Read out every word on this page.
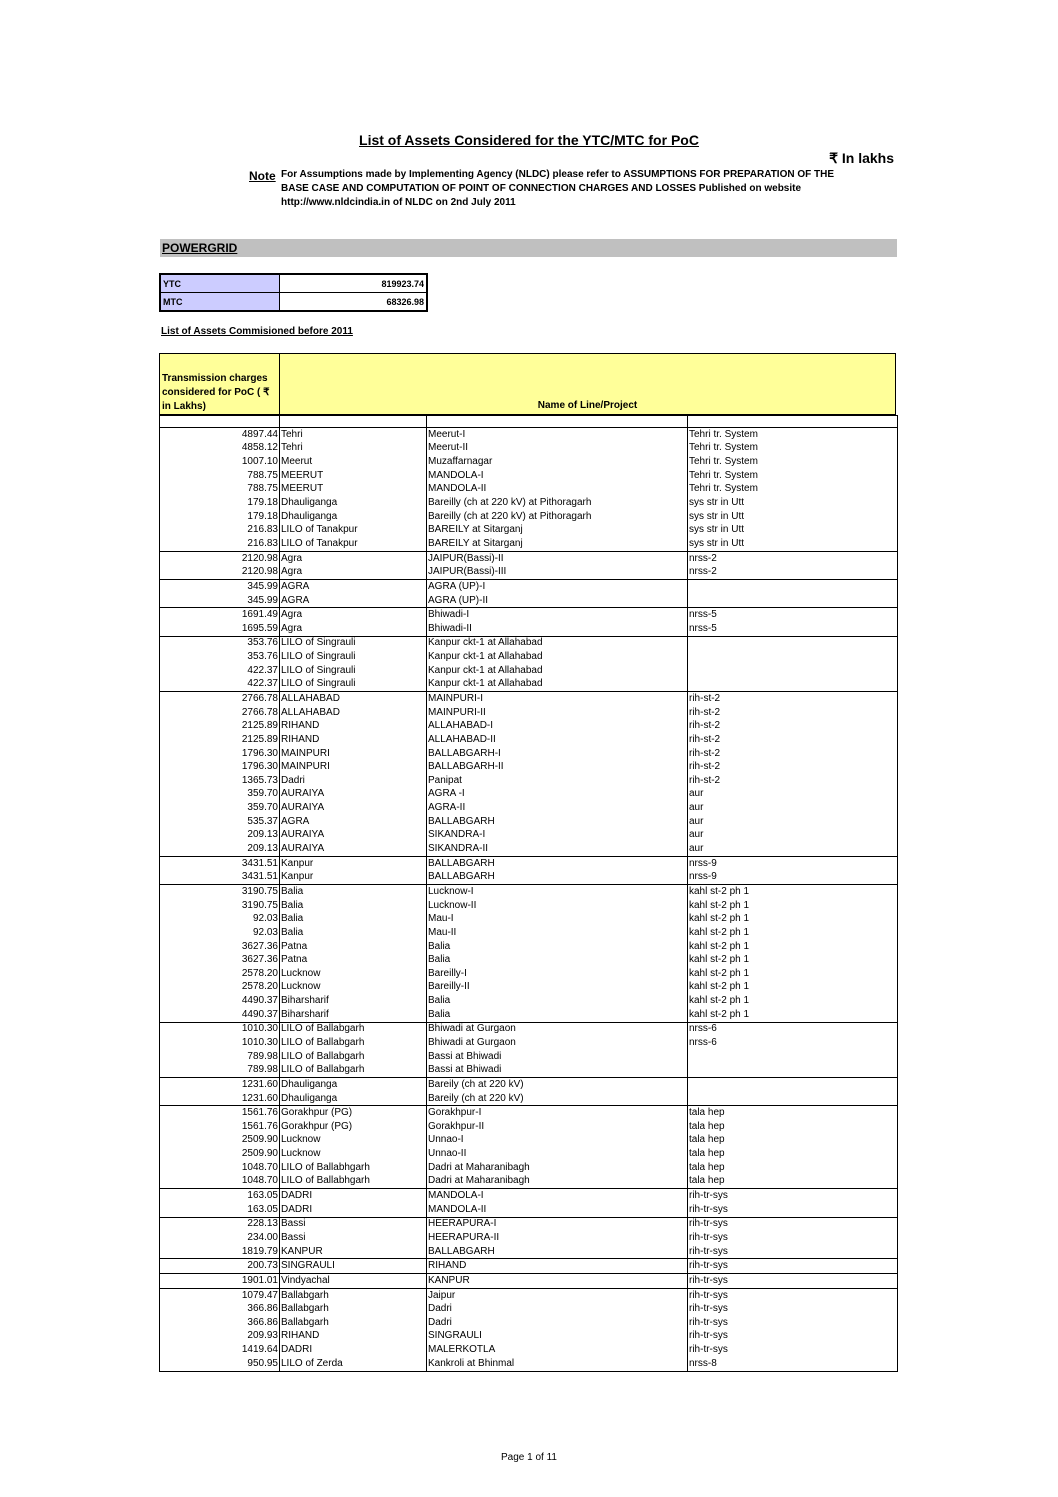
List of Assets Considered for the YTC/MTC for PoC
₹ In lakhs
Note For Assumptions made by Implementing Agency (NLDC) please refer to ASSUMPTIONS FOR PREPARATION OF THE
BASE CASE AND COMPUTATION OF POINT OF CONNECTION CHARGES AND LOSSES Published on website
http://www.nldcindia.in of NLDC on 2nd July 2011
POWERGRID
YTC	819923.74
MTC	68326.98
List of Assets Commisioned before 2011
Transmission charges
considered for PoC ( ₹
in Lakhs)	Name of Line/Project

4897.44	Tehri	Meerut-I	Tehri tr. System
4858.12	Tehri	Meerut-II	Tehri tr. System
1007.10	Meerut	Muzaffarnagar	Tehri tr. System
788.75	MEERUT	MANDOLA-I	Tehri tr. System
788.75	MEERUT	MANDOLA-II	Tehri tr. System
179.18	Dhauliganga	Bareilly (ch at 220 kV) at Pithoragarh	sys str in Utt
179.18	Dhauliganga	Bareilly (ch at 220 kV) at Pithoragarh	sys str in Utt
216.83	LILO of Tanakpur	BAREILY at Sitarganj	sys str in Utt
216.83	LILO of Tanakpur	BAREILY at Sitarganj	sys str in Utt
2120.98	Agra	JAIPUR(Bassi)-II	nrss-2
2120.98	Agra	JAIPUR(Bassi)-III	nrss-2
345.99	AGRA	AGRA (UP)-I	
345.99	AGRA	AGRA (UP)-II	
1691.49	Agra	Bhiwadi-I	nrss-5
1695.59	Agra	Bhiwadi-II	nrss-5
353.76	LILO of Singrauli	Kanpur ckt-1 at Allahabad	
353.76	LILO of Singrauli	Kanpur ckt-1 at Allahabad	
422.37	LILO of Singrauli	Kanpur ckt-1 at Allahabad	
422.37	LILO of Singrauli	Kanpur ckt-1 at Allahabad	
2766.78	ALLAHABAD	MAINPURI-I	rih-st-2
2766.78	ALLAHABAD	MAINPURI-II	rih-st-2
2125.89	RIHAND	ALLAHABAD-I	rih-st-2
2125.89	RIHAND	ALLAHABAD-II	rih-st-2
1796.30	MAINPURI	BALLABGARH-I	rih-st-2
1796.30	MAINPURI	BALLABGARH-II	rih-st-2
1365.73	Dadri	Panipat	rih-st-2
359.70	AURAIYA	AGRA -I	aur
359.70	AURAIYA	AGRA-II	aur
535.37	AGRA	BALLABGARH	aur
209.13	AURAIYA	SIKANDRA-I	aur
209.13	AURAIYA	SIKANDRA-II	aur
3431.51	Kanpur	BALLABGARH	nrss-9
3431.51	Kanpur	BALLABGARH	nrss-9
3190.75	Balia	Lucknow-I	kahl st-2 ph 1
3190.75	Balia	Lucknow-II	kahl st-2 ph 1
92.03	Balia	Mau-I	kahl st-2 ph 1
92.03	Balia	Mau-II	kahl st-2 ph 1
3627.36	Patna	Balia	kahl st-2 ph 1
3627.36	Patna	Balia	kahl st-2 ph 1
2578.20	Lucknow	Bareilly-I	kahl st-2 ph 1
2578.20	Lucknow	Bareilly-II	kahl st-2 ph 1
4490.37	Biharsharif	Balia	kahl st-2 ph 1
4490.37	Biharsharif	Balia	kahl st-2 ph 1
1010.30	LILO of Ballabgarh	Bhiwadi at Gurgaon	nrss-6
1010.30	LILO of Ballabgarh	Bhiwadi at Gurgaon	nrss-6
789.98	LILO of Ballabgarh	Bassi at Bhiwadi	
789.98	LILO of Ballabgarh	Bassi at Bhiwadi	
1231.60	Dhauliganga	Bareily (ch at 220 kV)	
1231.60	Dhauliganga	Bareily (ch at 220 kV)	
1561.76	Gorakhpur (PG)	Gorakhpur-I	tala hep
1561.76	Gorakhpur (PG)	Gorakhpur-II	tala hep
2509.90	Lucknow	Unnao-I	tala hep
2509.90	Lucknow	Unnao-II	tala hep
1048.70	LILO of Ballabhgarh	Dadri at Maharanibagh	tala hep
1048.70	LILO of Ballabhgarh	Dadri at Maharanibagh	tala hep
163.05	DADRI	MANDOLA-I	rih-tr-sys
163.05	DADRI	MANDOLA-II	rih-tr-sys
228.13	Bassi	HEERAPURA-I	rih-tr-sys
234.00	Bassi	HEERAPURA-II	rih-tr-sys
1819.79	KANPUR	BALLABGARH	rih-tr-sys
200.73	SINGRAULI	RIHAND	rih-tr-sys
1901.01	Vindyachal	KANPUR	rih-tr-sys
1079.47	Ballabgarh	Jaipur	rih-tr-sys
366.86	Ballabgarh	Dadri	rih-tr-sys
366.86	Ballabgarh	Dadri	rih-tr-sys
209.93	RIHAND	SINGRAULI	rih-tr-sys
1419.64	DADRI	MALERKOTLA	rih-tr-sys
950.95	LILO of Zerda	Kankroli at Bhinmal	nrss-8
Page 1 of 11
